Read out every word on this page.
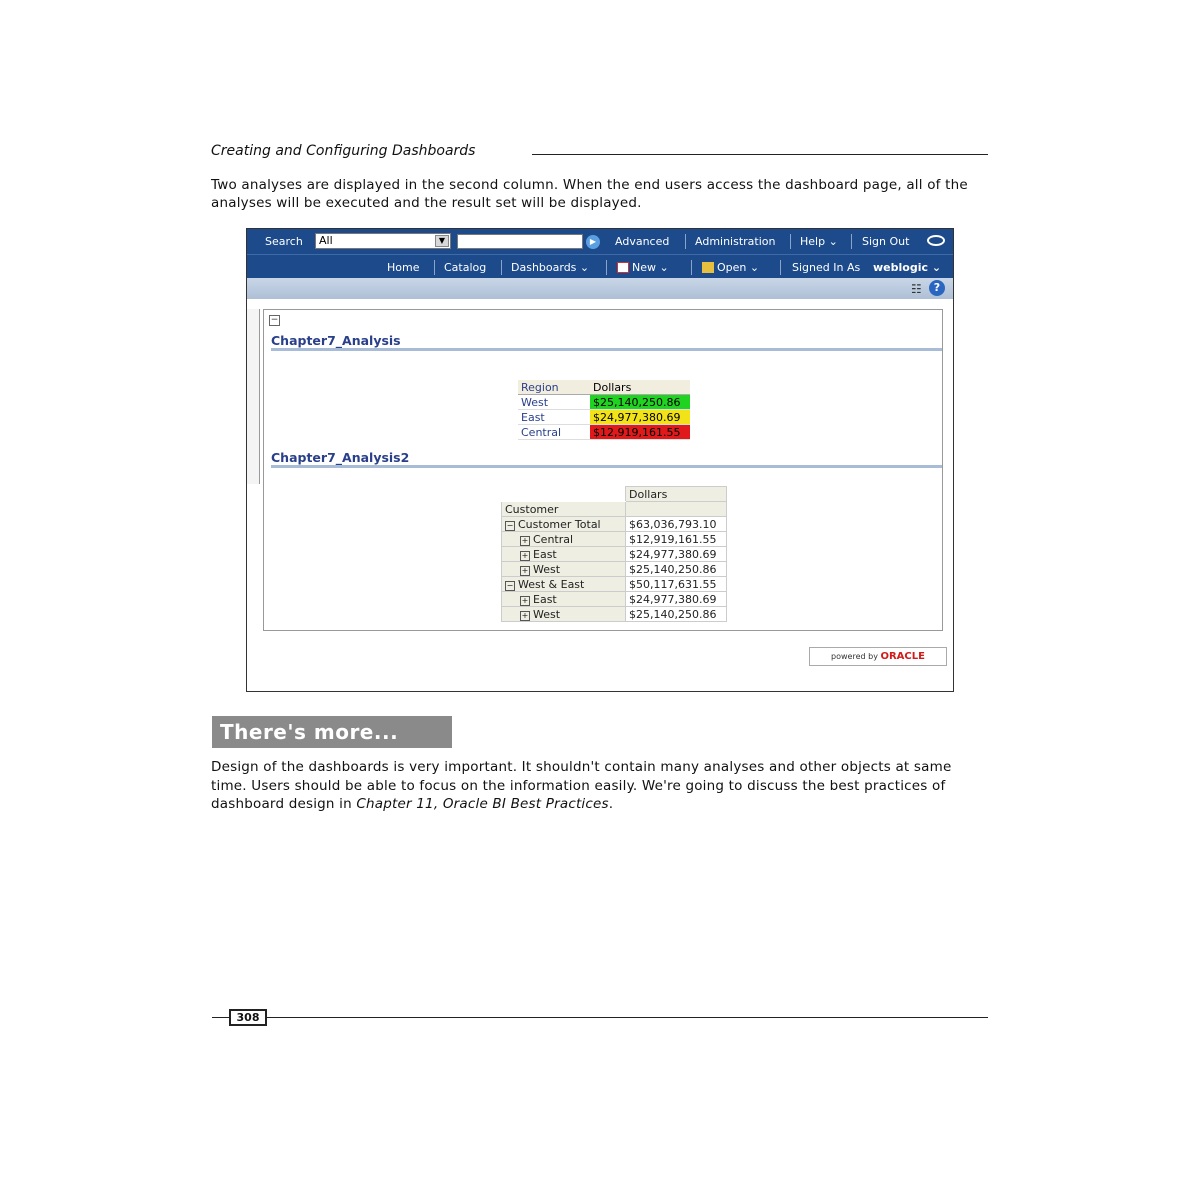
Creating and Configuring Dashboards
Two analyses are displayed in the second column. When the end users access the dashboard page, all of the analyses will be executed and the result set will be displayed.
Search	All	▼	▶	Advanced Administration Help ⌄ Sign Out
Home Catalog Dashboards ⌄	New ⌄	Open ⌄	Signed In As weblogic ⌄
☷	?
−
Chapter7_Analysis
Region	Dollars
West	$25,140,250.86
East	$24,977,380.69
Central	$12,919,161.55
Chapter7_Analysis2
	Dollars
Customer	
− Customer Total	$63,036,793.10
+ Central	$12,919,161.55
+ East	$24,977,380.69
+ West	$25,140,250.86
− West & East	$50,117,631.55
+ East	$24,977,380.69
+ West	$25,140,250.86
powered by ORACLE
There's more...
Design of the dashboards is very important. It shouldn't contain many analyses and other objects at same time. Users should be able to focus on the information easily. We're going to discuss the best practices of dashboard design in Chapter 11, Oracle BI Best Practices.
308
